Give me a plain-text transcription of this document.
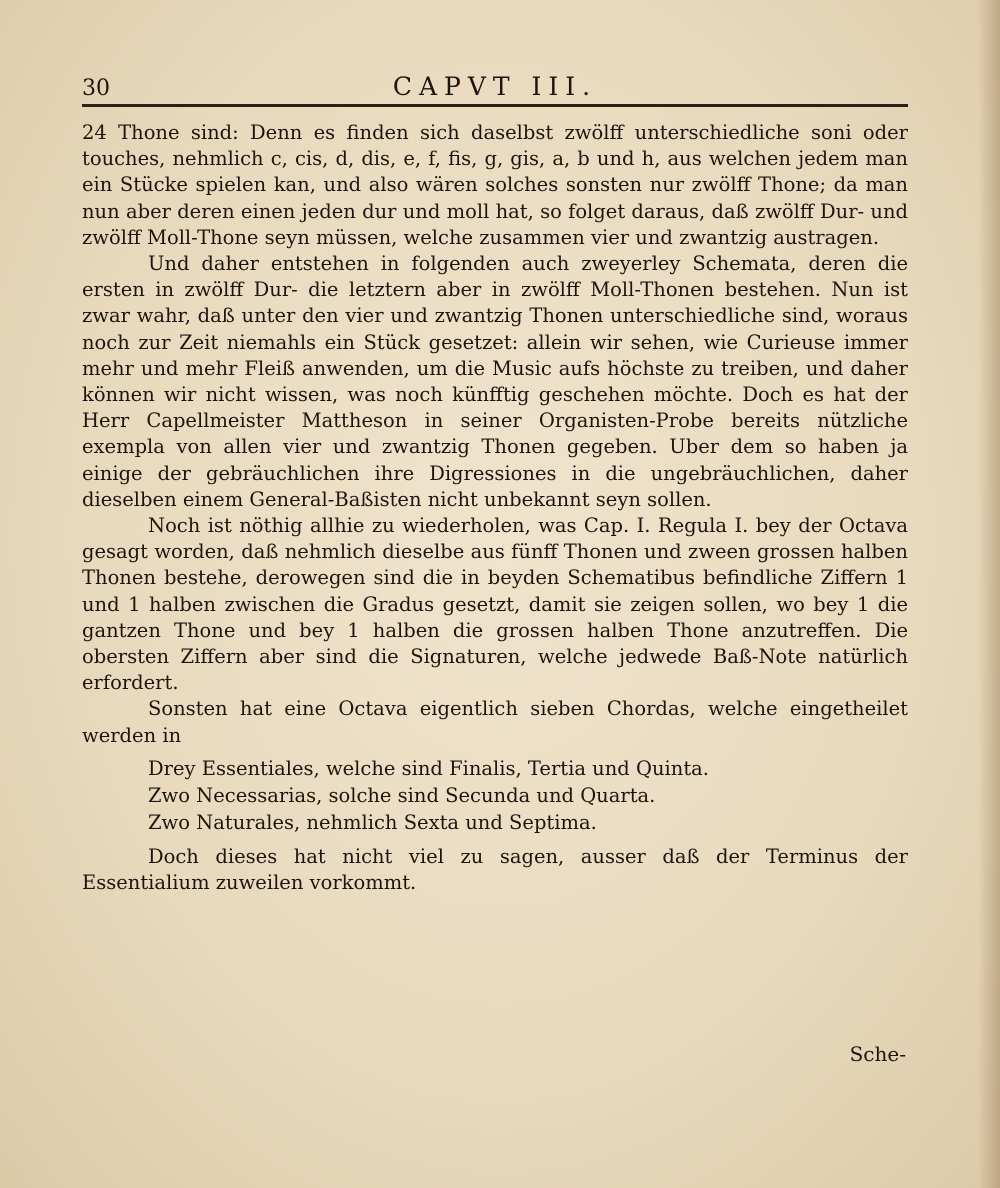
30	CAPVT III.

24 Thone sind: Denn es finden sich daselbst zwölff unterschiedliche soni oder touches, nehmlich c, cis, d, dis, e, f, fis, g, gis, a, b und h, aus welchen jedem man ein Stücke spielen kan, und also wären solches sonsten nur zwölff Thone; da man nun aber deren einen jeden dur und moll hat, so folget daraus, daß zwölff Dur- und zwölff Moll-Thone seyn müssen, welche zusammen vier und zwantzig austragen.

Und daher entstehen in folgenden auch zweyerley Schemata, deren die ersten in zwölff Dur- die letztern aber in zwölff Moll-Thonen bestehen. Nun ist zwar wahr, daß unter den vier und zwantzig Thonen unterschiedliche sind, woraus noch zur Zeit niemahls ein Stück gesetzet: allein wir sehen, wie Curieuse immer mehr und mehr Fleiß anwenden, um die Music aufs höchste zu treiben, und daher können wir nicht wissen, was noch künfftig geschehen möchte. Doch es hat der Herr Capellmeister Mattheson in seiner Organisten-Probe bereits nützliche exempla von allen vier und zwantzig Thonen gegeben. Uber dem so haben ja einige der gebräuchlichen ihre Digressiones in die ungebräuchlichen, daher dieselben einem General-Baßisten nicht unbekannt seyn sollen.

Noch ist nöthig allhie zu wiederholen, was Cap. I. Regula I. bey der Octava gesagt worden, daß nehmlich dieselbe aus fünff Thonen und zween grossen halben Thonen bestehe, derowegen sind die in beyden Schematibus befindliche Ziffern 1 und 1 halben zwischen die Gradus gesetzt, damit sie zeigen sollen, wo bey 1 die gantzen Thone und bey 1 halben die grossen halben Thone anzutreffen. Die obersten Ziffern aber sind die Signaturen, welche jedwede Baß-Note natürlich erfordert.

Sonsten hat eine Octava eigentlich sieben Chordas, welche eingetheilet werden in

Drey Essentiales, welche sind Finalis, Tertia und Quinta.
Zwo Necessarias, solche sind Secunda und Quarta.
Zwo Naturales, nehmlich Sexta und Septima.

Doch dieses hat nicht viel zu sagen, ausser daß der Terminus der Essentialium zuweilen vorkommt.

Sche-
